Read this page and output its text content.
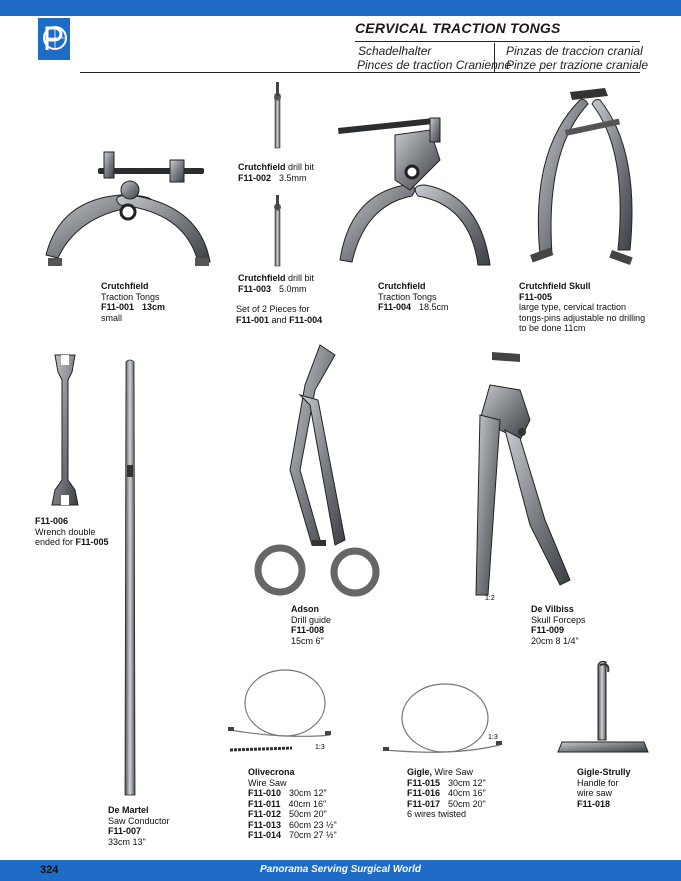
CERVICAL TRACTION TONGS
Schadelhalter	Pinzas de traccion cranial
Pinces de traction Cranienne
Pinze per trazione craniale
1:2
1:3
1:3
Crutchfield
Traction Tongs
F11-001 13cm
small
Crutchfield drill bit
F11-002 3.5mm
Crutchfield drill bit
F11-003 5.0mm
Set of 2 Pieces for
F11-001 and F11-004
Crutchfield
Traction Tongs
F11-004 18.5cm
Crutchfield Skull
F11-005
large type, cervical traction
tongs-pins adjustable no drilling
to be done 11cm
F11-006
Wrench double
ended for F11-005
De Martel
Saw Conductor
F11-007
33cm 13"
Adson
Drill guide
F11-008
15cm 6"
De Vilbiss
Skull Forceps
F11-009
20cm 8 1/4"
Olivecrona
Wire Saw
F11-010 30cm 12"
F11-011 40cm 16"
F11-012 50cm 20"
F11-013 60cm 23 ½"
F11-014 70cm 27 ½"
Gigle, Wire Saw
F11-015 30cm 12"
F11-016 40cm 16"
F11-017 50cm 20"
6 wires twisted
Gigle-Strully
Handle for
wire saw
F11-018
324	Panorama Serving Surgical World
